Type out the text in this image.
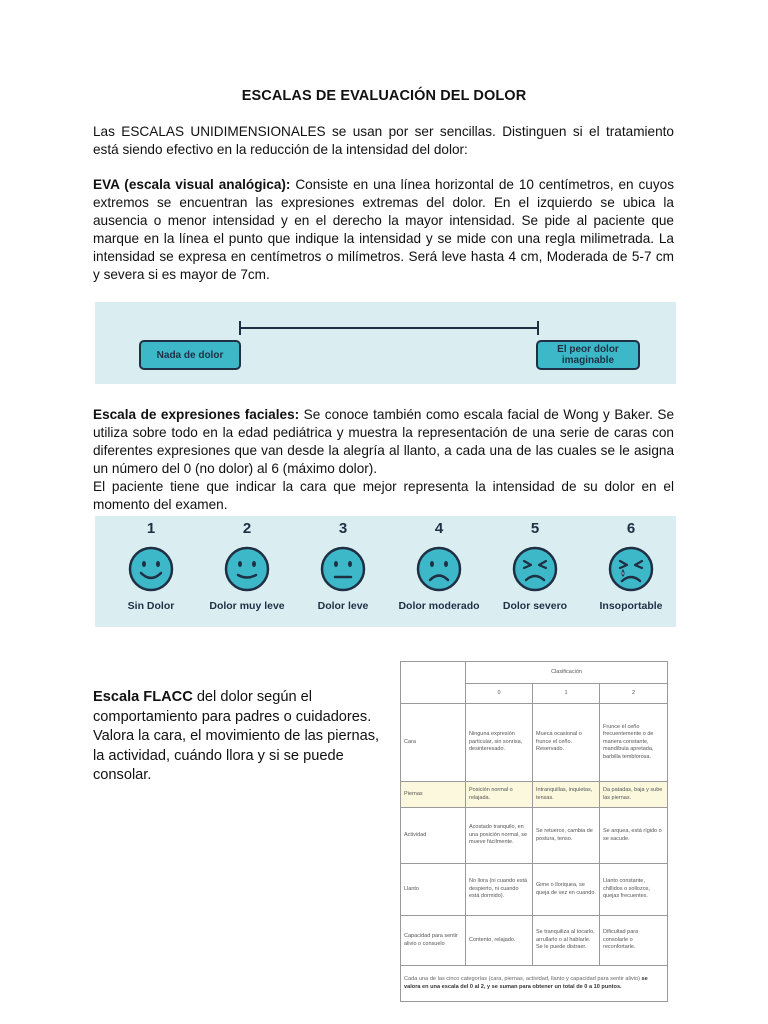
ESCALAS DE EVALUACIÓN DEL DOLOR
Las ESCALAS UNIDIMENSIONALES se usan por ser sencillas. Distinguen si el tratamiento está siendo efectivo en la reducción de la intensidad del dolor:
EVA (escala visual analógica): Consiste en una línea horizontal de 10 centímetros, en cuyos extremos se encuentran las expresiones extremas del dolor. En el izquierdo se ubica la ausencia o menor intensidad y en el derecho la mayor intensidad. Se pide al paciente que marque en la línea el punto que indique la intensidad y se mide con una regla milimetrada. La intensidad se expresa en centímetros o milímetros. Será leve hasta 4 cm, Moderada de 5-7 cm y severa si es mayor de 7cm.
Nada de dolor	El peor dolor imaginable
Escala de expresiones faciales: Se conoce también como escala facial de Wong y Baker. Se utiliza sobre todo en la edad pediátrica y muestra la representación de una serie de caras con diferentes expresiones que van desde la alegría al llanto, a cada una de las cuales se le asigna un número del 0 (no dolor) al 6 (máximo dolor).
El paciente tiene que indicar la cara que mejor representa la intensidad de su dolor en el momento del examen.
1
Sin Dolor
2
Dolor muy leve
3
Dolor leve
4
Dolor moderado
5
Dolor severo
6
Insoportable
Escala FLACC del dolor según el comportamiento para padres o cuidadores. Valora la cara, el movimiento de las piernas, la actividad, cuándo llora y si se puede consolar.
	Clasificación		
	0	1	2
Cara	Ninguna expresión particular, sin sonrisa, desinteresado.	Mueca ocasional o frunce el ceño. Reservado.	Frunce el ceño frecuentemente o de manera constante, mandíbula apretada, barbilla temblorosa.
Piernas	Posición normal o relajada.	Intranquillas, inquietas, tensas.	Da patadas, baja y sube las piernas.
Actividad	Acostado tranquilo, en una posición normal, se mueve fácilmente.	Se retuerce, cambia de postura, tenso.	Se arquea, está rígido o se sacude.
Llanto	No llora (ni cuando está despierto, ni cuando está dormido).	Gime o lloriquea, se queja de vez en cuando.	Llanto constante, chillidos o sollozos, quejas frecuentes.
Capacidad para sentir alivio o consuelo	Contento, relajado.	Se tranquiliza al tocarlo, arrullarlo o al hablarle. Se le puede distraer.	Dificultad para consolarle o reconfortarle.
Cada una de las cinco categorías (cara, piernas, actividad, llanto y capacidad para sentir alivio) se valora en una escala del 0 al 2, y se suman para obtener un total de 0 a 10 puntos.			
